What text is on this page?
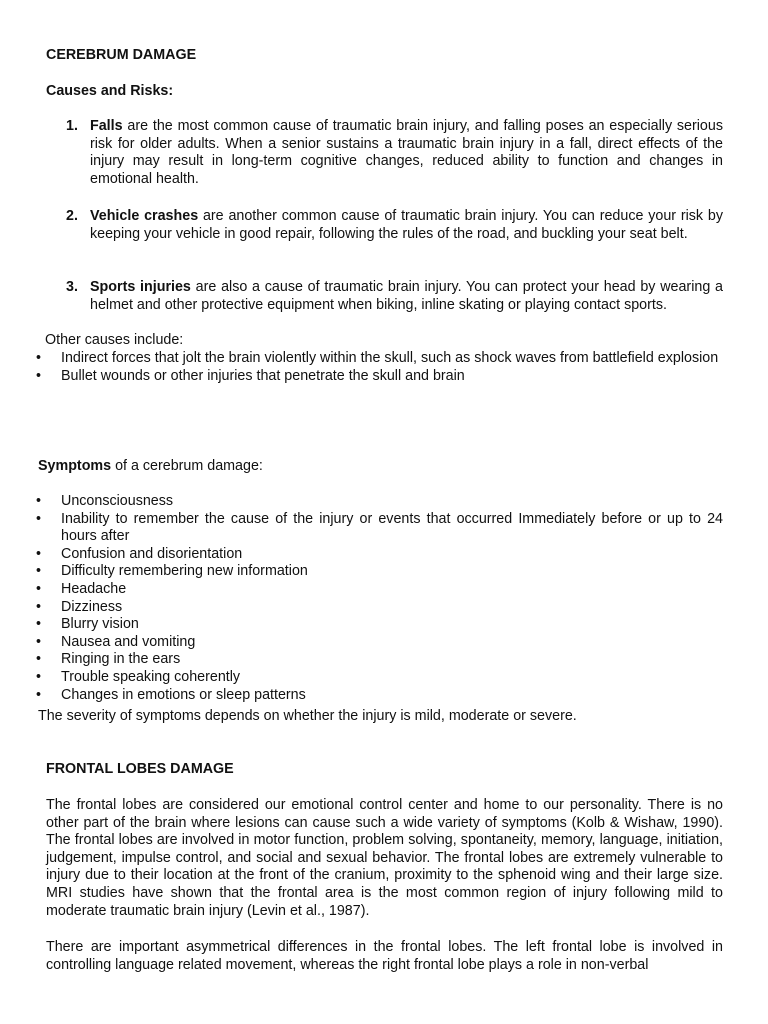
CEREBRUM DAMAGE
Causes and Risks:
1. Falls are the most common cause of traumatic brain injury, and falling poses an especially serious risk for older adults. When a senior sustains a traumatic brain injury in a fall, direct effects of the injury may result in long-term cognitive changes, reduced ability to function and changes in emotional health.
2. Vehicle crashes are another common cause of traumatic brain injury. You can reduce your risk by keeping your vehicle in good repair, following the rules of the road, and buckling your seat belt.
3. Sports injuries are also a cause of traumatic brain injury. You can protect your head by wearing a helmet and other protective equipment when biking, inline skating or playing contact sports.
Other causes include:
• Indirect forces that jolt the brain violently within the skull, such as shock waves from battlefield explosion
• Bullet wounds or other injuries that penetrate the skull and brain
Symptoms of a cerebrum damage:
• Unconsciousness
• Inability to remember the cause of the injury or events that occurred Immediately before or up to 24 hours after
• Confusion and disorientation
• Difficulty remembering new information
• Headache
• Dizziness
• Blurry vision
• Nausea and vomiting
• Ringing in the ears
• Trouble speaking coherently
• Changes in emotions or sleep patterns
The severity of symptoms depends on whether the injury is mild, moderate or severe.
FRONTAL LOBES DAMAGE
The frontal lobes are considered our emotional control center and home to our personality. There is no other part of the brain where lesions can cause such a wide variety of symptoms (Kolb & Wishaw, 1990). The frontal lobes are involved in motor function, problem solving, spontaneity, memory, language, initiation, judgement, impulse control, and social and sexual behavior. The frontal lobes are extremely vulnerable to injury due to their location at the front of the cranium, proximity to the sphenoid wing and their large size. MRI studies have shown that the frontal area is the most common region of injury following mild to moderate traumatic brain injury (Levin et al., 1987).
There are important asymmetrical differences in the frontal lobes. The left frontal lobe is involved in controlling language related movement, whereas the right frontal lobe plays a role in non-verbal
